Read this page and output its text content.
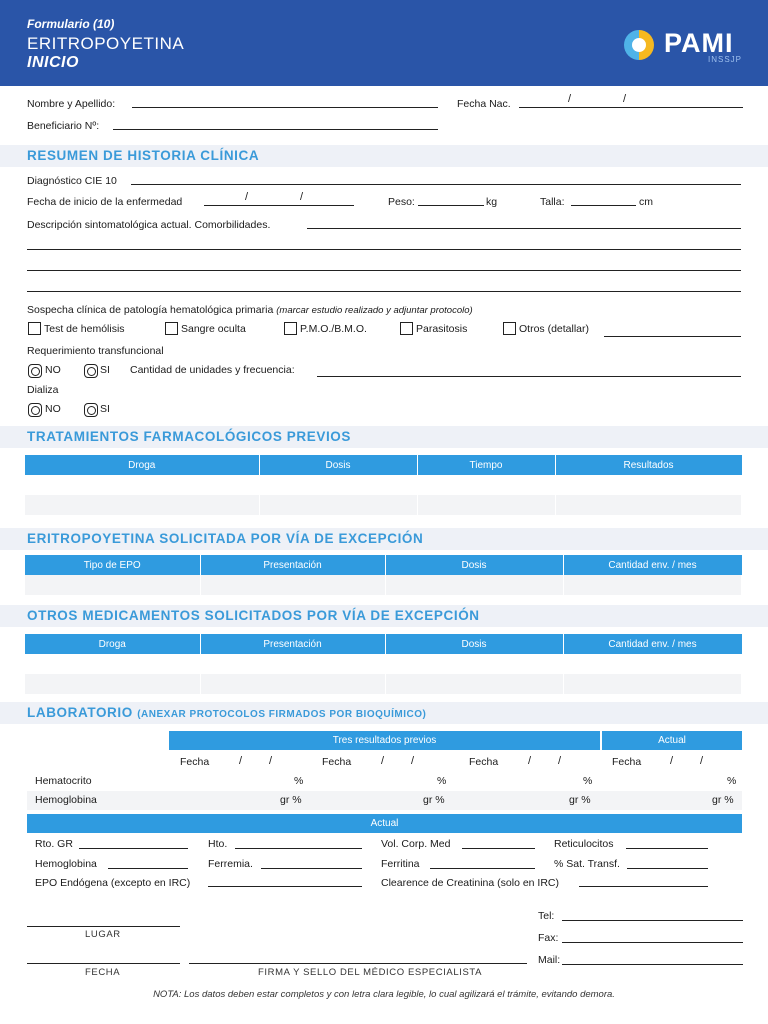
Formulario (10)
ERITROPOYETINA
INICIO
PAMI
INSSJP
Nombre y Apellido:	Fecha Nac.	/	/
Beneficiario Nº:
RESUMEN DE HISTORIA CLÍNICA
Diagnóstico CIE 10
Fecha de inicio de la enfermedad	/	/	Peso:	kg	Talla:	cm
Descripción sintomatológica actual. Comorbilidades.
Sospecha clínica de patología hematológica primaria (marcar estudio realizado y adjuntar protocolo)
Test de hemólisis	Sangre oculta	P.M.O./B.M.O.	Parasitosis	Otros (detallar)
Requerimiento transfuncional
NO	SI Cantidad de unidades y frecuencia:
Dializa
NO	SI
TRATAMIENTOS FARMACOLÓGICOS PREVIOS
Droga	Dosis	Tiempo	Resultados

ERITROPOYETINA SOLICITADA POR VÍA DE EXCEPCIÓN
Tipo de EPO	Presentación	Dosis	Cantidad env. / mes

OTROS MEDICAMENTOS SOLICITADOS POR VÍA DE EXCEPCIÓN
Droga	Presentación	Dosis	Cantidad env. / mes

LABORATORIO (ANEXAR PROTOCOLOS FIRMADOS POR BIOQUÍMICO)
Tres resultados previos	Actual
Fecha	/ /	Fecha	/ /	Fecha	/ /	Fecha	/ /
Hematocrito	%	%	%	%
Hemoglobina	gr %	gr %	gr %	gr %
Actual
Rto. GR	Hto.	Vol. Corp. Med	Reticulocitos
Hemoglobina	Ferremia.	Ferritina	% Sat. Transf.
EPO Endógena (excepto en IRC)	Clearence de Creatinina (solo en IRC)
LUGAR
FECHA	FIRMA Y SELLO DEL MÉDICO ESPECIALISTA
Tel:
Fax:
Mail:
NOTA: Los datos deben estar completos y con letra clara legible, lo cual agilizará el trámite, evitando demora.
